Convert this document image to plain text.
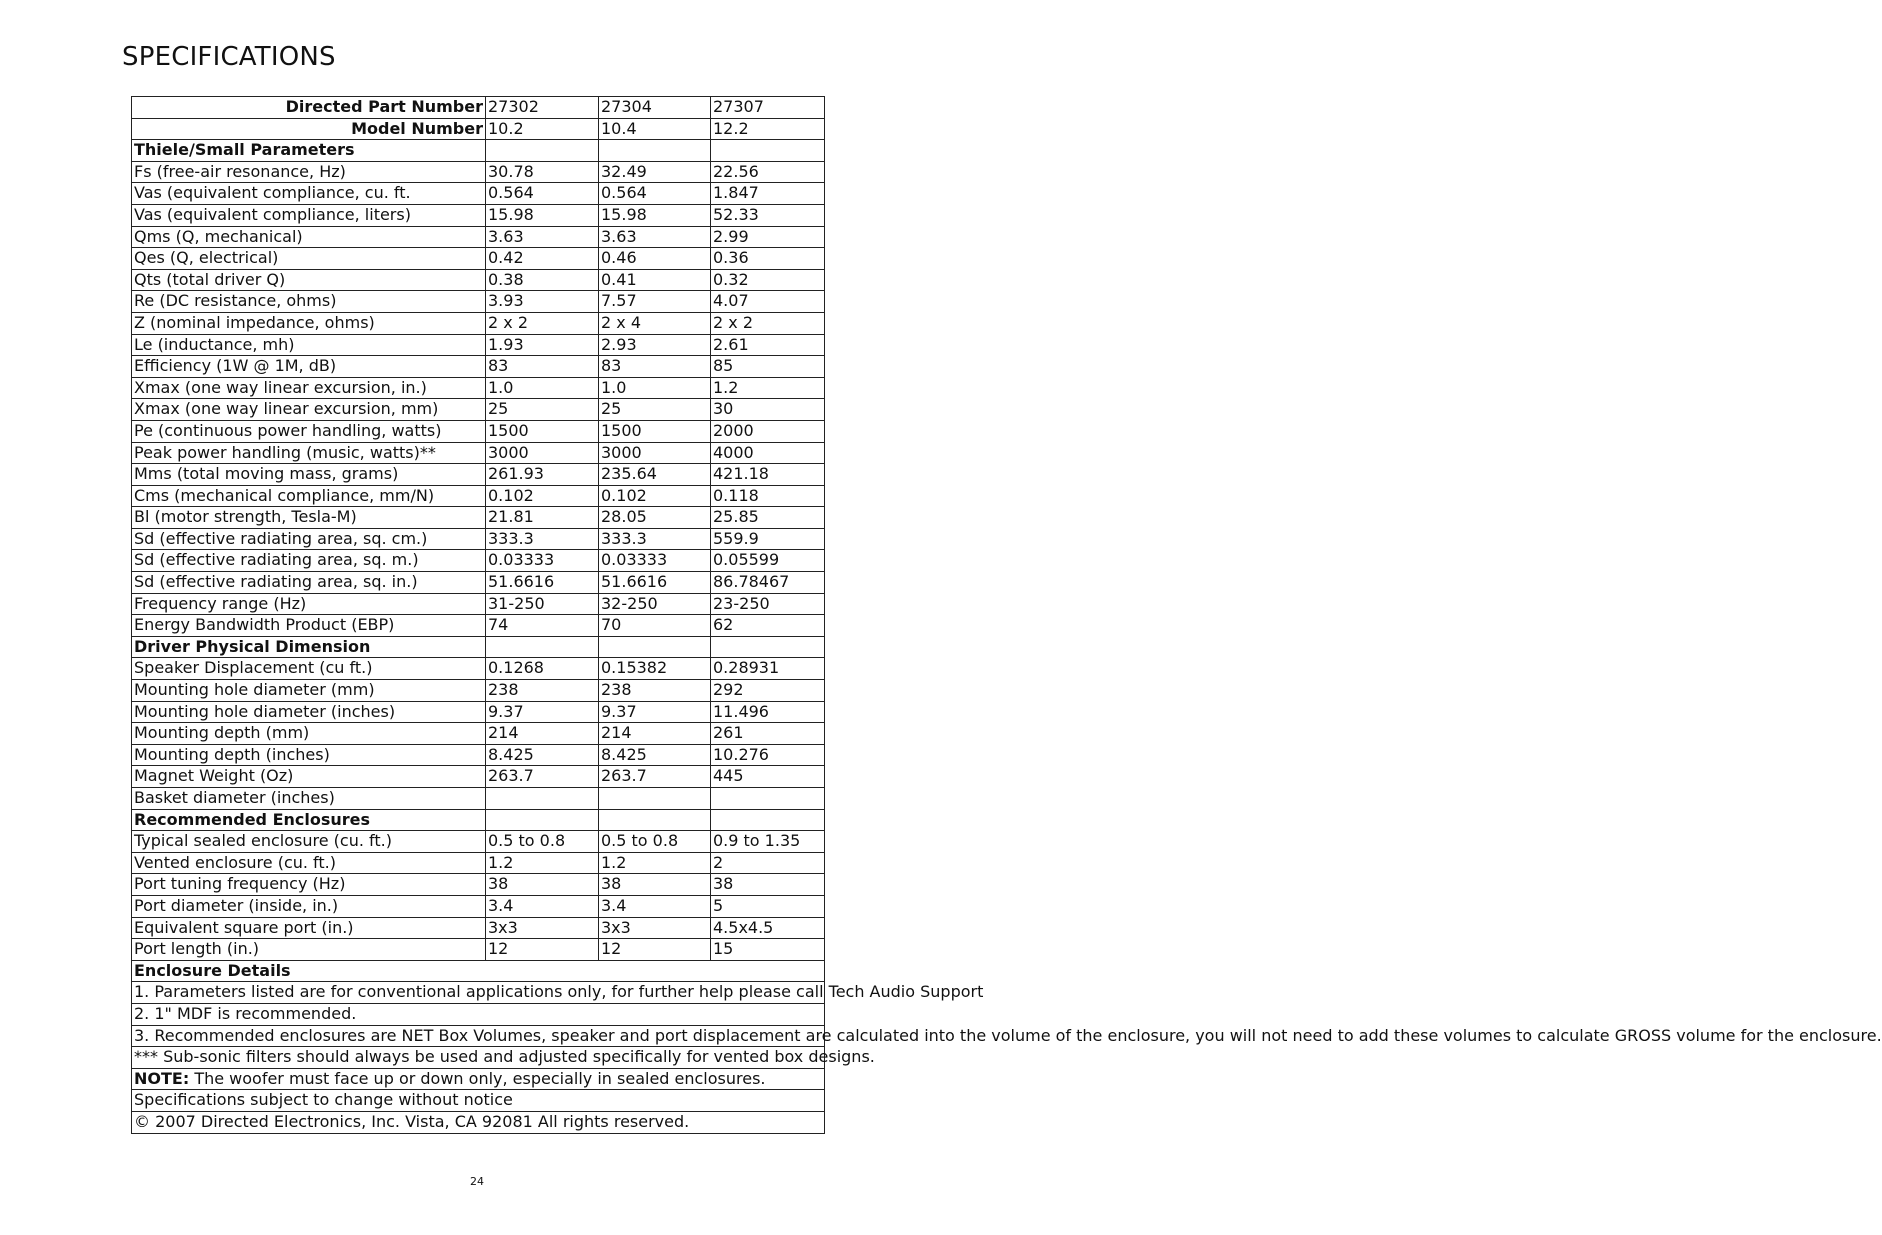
SPECIFICATIONS
Directed Part Number	27302	27304	27307
Model Number	10.2	10.4	12.2
Thiele/Small Parameters			
Fs (free-air resonance, Hz)	30.78	32.49	22.56
Vas (equivalent compliance, cu. ft.	0.564	0.564	1.847
Vas (equivalent compliance, liters)	15.98	15.98	52.33
Qms (Q, mechanical)	3.63	3.63	2.99
Qes (Q, electrical)	0.42	0.46	0.36
Qts (total driver Q)	0.38	0.41	0.32
Re (DC resistance, ohms)	3.93	7.57	4.07
Z (nominal impedance, ohms)	2 x 2	2 x 4	2 x 2
Le (inductance, mh)	1.93	2.93	2.61
Efficiency (1W @ 1M, dB)	83	83	85
Xmax (one way linear excursion, in.)	1.0	1.0	1.2
Xmax (one way linear excursion, mm)	25	25	30
Pe (continuous power handling, watts)	1500	1500	2000
Peak power handling (music, watts)**	3000	3000	4000
Mms (total moving mass, grams)	261.93	235.64	421.18
Cms (mechanical compliance, mm/N)	0.102	0.102	0.118
Bl (motor strength, Tesla-M)	21.81	28.05	25.85
Sd (effective radiating area, sq. cm.)	333.3	333.3	559.9
Sd (effective radiating area, sq. m.)	0.03333	0.03333	0.05599
Sd (effective radiating area, sq. in.)	51.6616	51.6616	86.78467
Frequency range (Hz)	31-250	32-250	23-250
Energy Bandwidth Product (EBP)	74	70	62
Driver Physical Dimension			
Speaker Displacement (cu ft.)	0.1268	0.15382	0.28931
Mounting hole diameter (mm)	238	238	292
Mounting hole diameter (inches)	9.37	9.37	11.496
Mounting depth (mm)	214	214	261
Mounting depth (inches)	8.425	8.425	10.276
Magnet Weight (Oz)	263.7	263.7	445
Basket diameter (inches)			
Recommended Enclosures			
Typical sealed enclosure (cu. ft.)	0.5 to 0.8	0.5 to 0.8	0.9 to 1.35
Vented enclosure (cu. ft.)	1.2	1.2	2
Port tuning frequency (Hz)	38	38	38
Port diameter (inside, in.)	3.4	3.4	5
Equivalent square port (in.)	3x3	3x3	4.5x4.5
Port length (in.)	12	12	15
Enclosure Details			
1. Parameters listed are for conventional applications only, for further help please call Tech Audio Support			
2. 1" MDF is recommended.			
3. Recommended enclosures are NET Box Volumes, speaker and port displacement are calculated into the volume of the enclosure, you will not need to add these volumes to calculate GROSS volume for the enclosure.			
*** Sub-sonic filters should always be used and adjusted specifically for vented box designs.			
NOTE: The woofer must face up or down only, especially in sealed enclosures.			
Specifications subject to change without notice			
© 2007 Directed Electronics, Inc. Vista, CA 92081 All rights reserved.			
24
